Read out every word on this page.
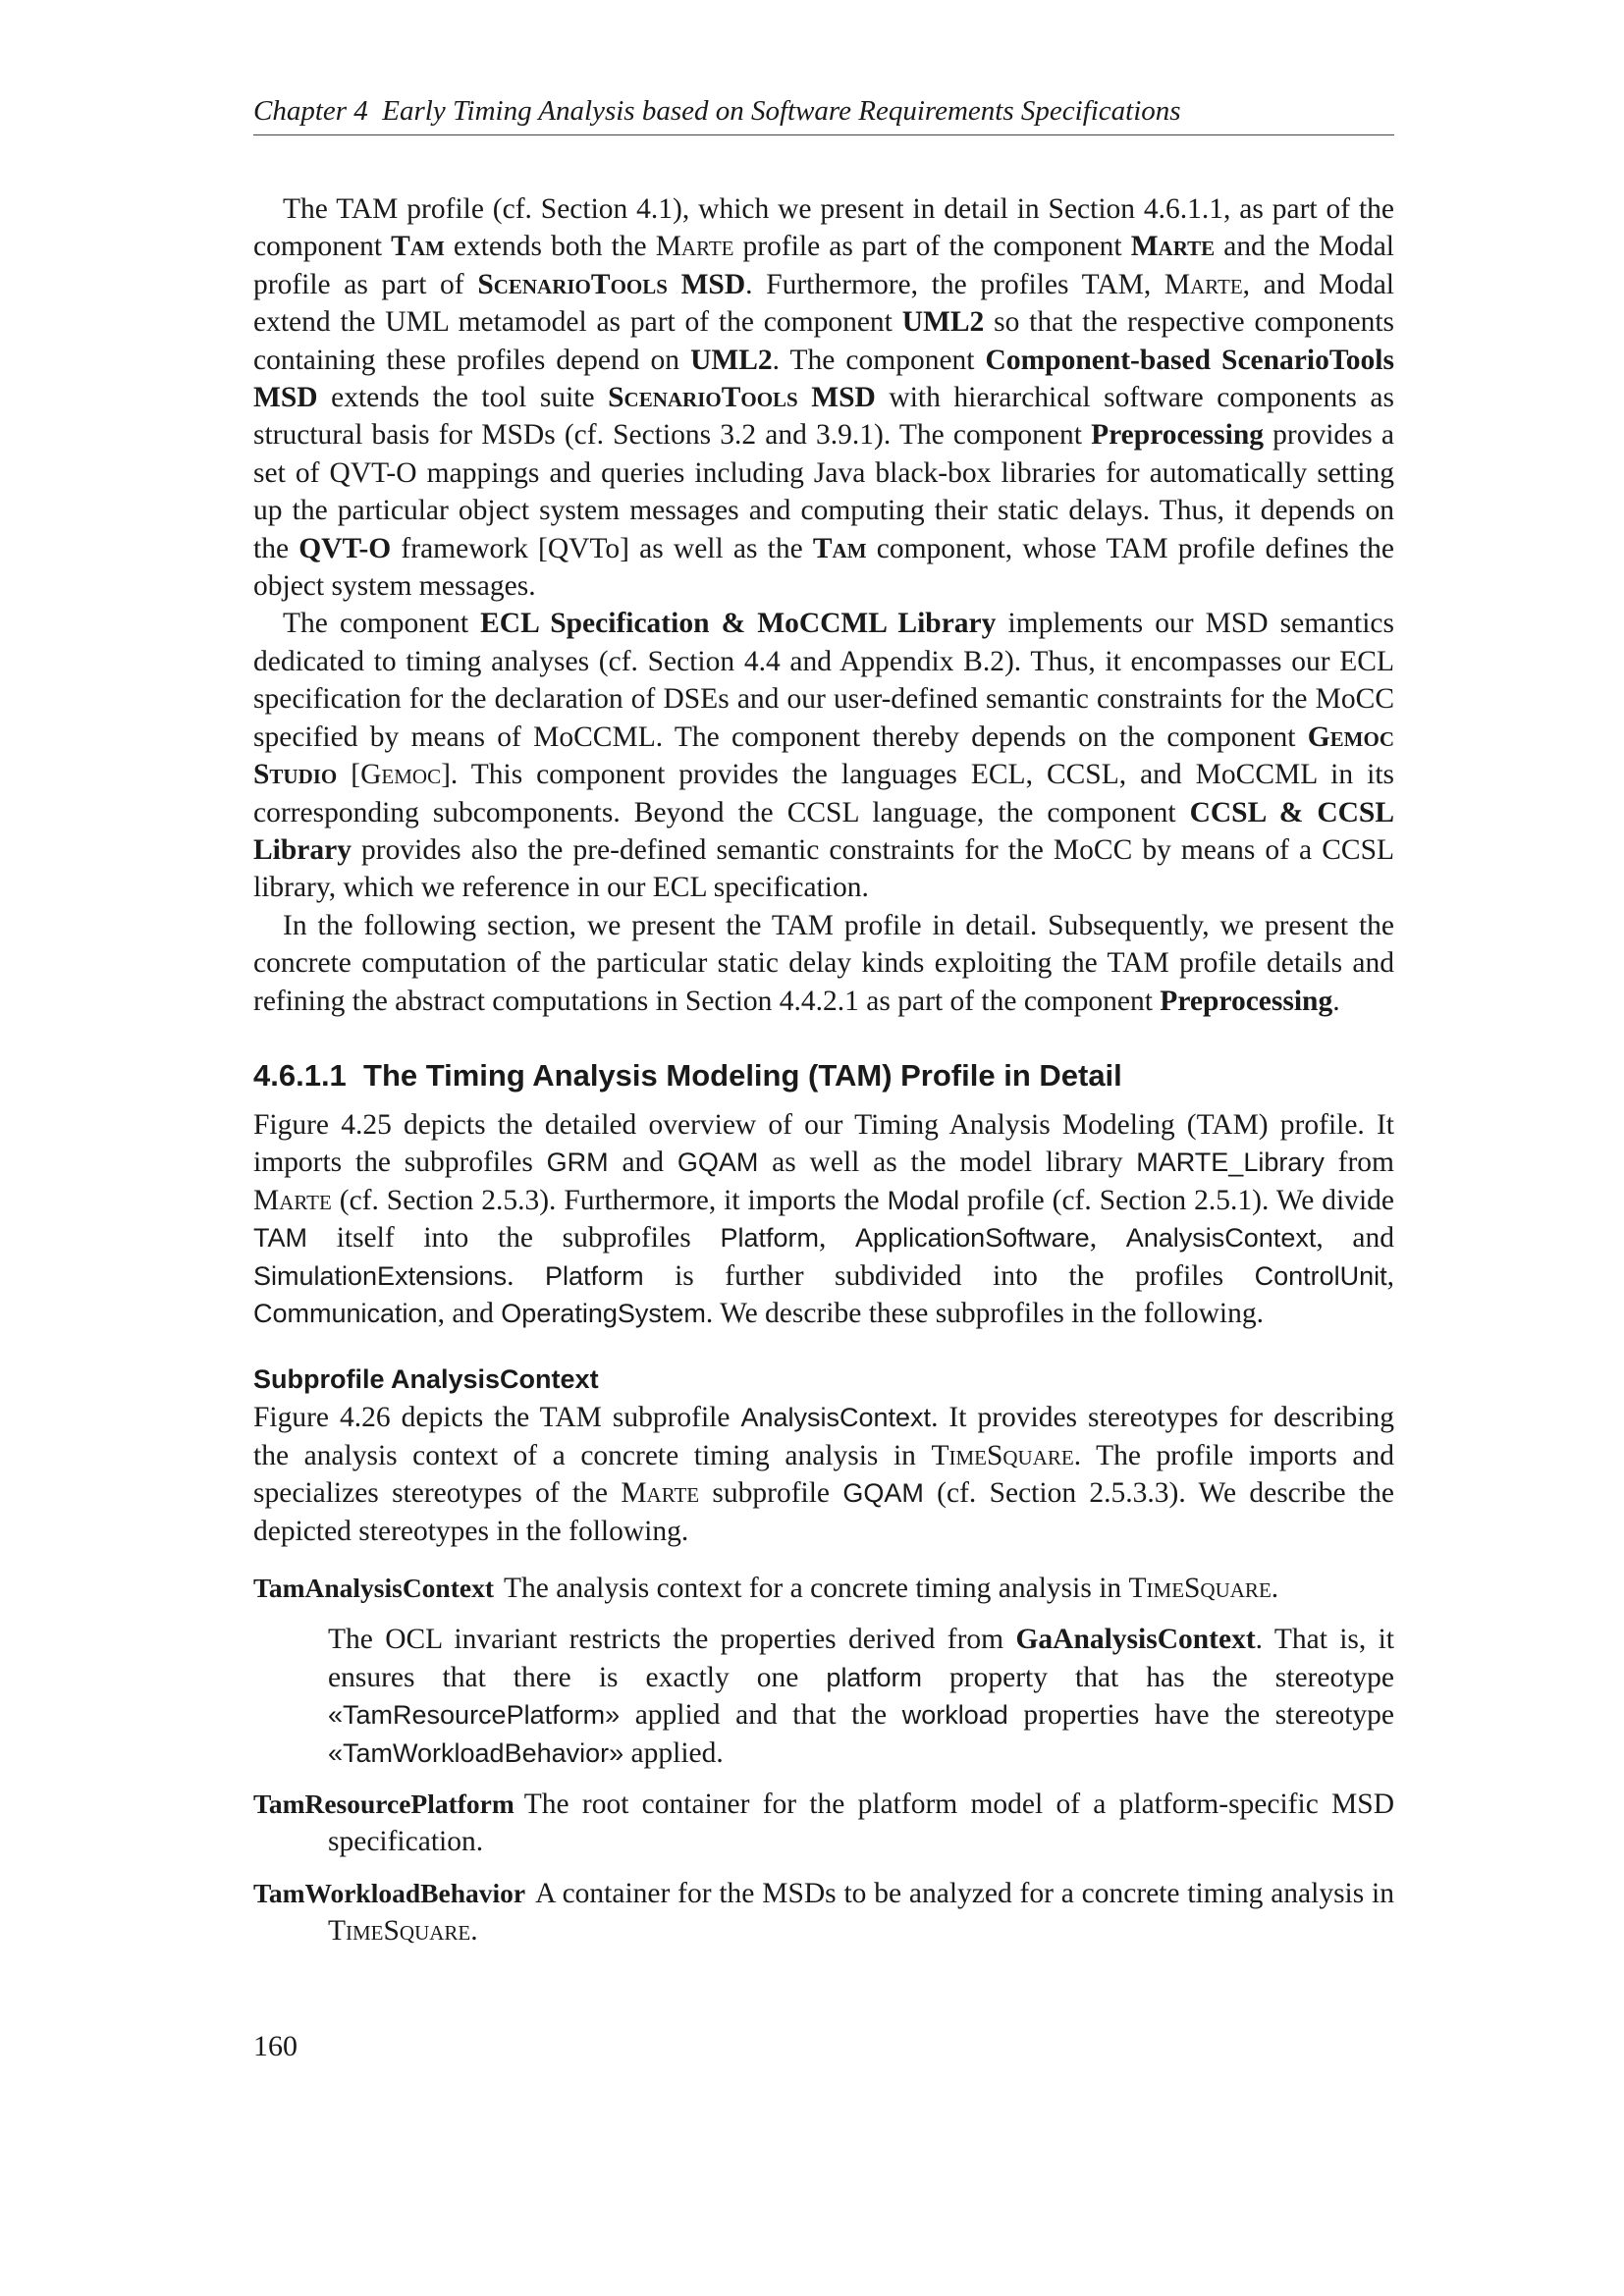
Chapter 4  Early Timing Analysis based on Software Requirements Specifications

The TAM profile (cf. Section 4.1), which we present in detail in Section 4.6.1.1, as part of the component Tam extends both the Marte profile as part of the component Marte and the Modal profile as part of ScenarioTools MSD. Furthermore, the profiles TAM, Marte, and Modal extend the UML metamodel as part of the component UML2 so that the respective components containing these profiles depend on UML2. The component Component-based ScenarioTools MSD extends the tool suite ScenarioTools MSD with hierarchical software components as structural basis for MSDs (cf. Sections 3.2 and 3.9.1). The component Preprocessing provides a set of QVT-O mappings and queries including Java black-box libraries for automatically setting up the particular object system messages and computing their static delays. Thus, it depends on the QVT-O framework [QVTo] as well as the Tam component, whose TAM profile defines the object system messages.

The component ECL Specification & MoCCML Library implements our MSD semantics dedicated to timing analyses (cf. Section 4.4 and Appendix B.2). Thus, it encompasses our ECL specification for the declaration of DSEs and our user-defined semantic constraints for the MoCC specified by means of MoCCML. The component thereby depends on the component Gemoc Studio [Gemoc]. This component provides the languages ECL, CCSL, and MoCCML in its corresponding subcomponents. Beyond the CCSL language, the component CCSL & CCSL Library provides also the pre-defined semantic constraints for the MoCC by means of a CCSL library, which we reference in our ECL specification.

In the following section, we present the TAM profile in detail. Subsequently, we present the concrete computation of the particular static delay kinds exploiting the TAM profile details and refining the abstract computations in Section 4.4.2.1 as part of the component Preprocessing.

4.6.1.1  The Timing Analysis Modeling (TAM) Profile in Detail

Figure 4.25 depicts the detailed overview of our Timing Analysis Modeling (TAM) profile. It imports the subprofiles GRM and GQAM as well as the model library MARTE_Library from Marte (cf. Section 2.5.3). Furthermore, it imports the Modal profile (cf. Section 2.5.1). We divide TAM itself into the subprofiles Platform, ApplicationSoftware, AnalysisContext, and SimulationExtensions. Platform is further subdivided into the profiles ControlUnit, Communication, and OperatingSystem. We describe these subprofiles in the following.

Subprofile AnalysisContext

Figure 4.26 depicts the TAM subprofile AnalysisContext. It provides stereotypes for describing the analysis context of a concrete timing analysis in TimeSquare. The profile imports and specializes stereotypes of the Marte subprofile GQAM (cf. Section 2.5.3.3). We describe the depicted stereotypes in the following.

TamAnalysisContext The analysis context for a concrete timing analysis in TimeSquare.
The OCL invariant restricts the properties derived from GaAnalysisContext. That is, it ensures that there is exactly one platform property that has the stereotype «TamResourcePlatform» applied and that the workload properties have the stereotype «TamWorkloadBehavior» applied.
TamResourcePlatform The root container for the platform model of a platform-specific MSD specification.
TamWorkloadBehavior A container for the MSDs to be analyzed for a concrete timing analysis in TimeSquare.
160
